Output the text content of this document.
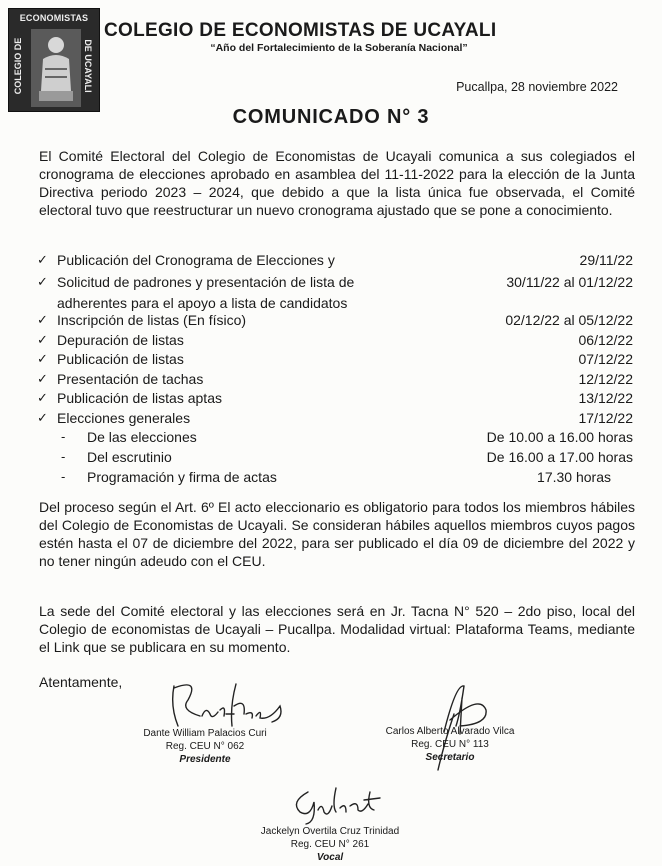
ECONOMISTAS
COLEGIO DE	DE UCAYALI
COLEGIO DE ECONOMISTAS DE UCAYALI
“Año del Fortalecimiento de la Soberanía Nacional”
Pucallpa, 28 noviembre 2022
COMUNICADO N° 3

El Comité Electoral del Colegio de Economistas de Ucayali comunica a sus colegiados el cronograma de elecciones aprobado en asamblea del 11-11-2022 para la elección de la Junta Directiva periodo 2023 – 2024, que debido a que la lista única fue observada, el Comité electoral tuvo que reestructurar un nuevo cronograma ajustado que se pone a conocimiento.

✓ Publicación del Cronograma de Elecciones y	29/11/22
✓ Solicitud de padrones y presentación de lista de	30/11/22 al 01/12/22
adherentes para el apoyo a lista de candidatos
✓ Inscripción de listas (En físico)	02/12/22 al 05/12/22
✓ Depuración de listas	06/12/22
✓ Publicación de listas	07/12/22
✓ Presentación de tachas	12/12/22
✓ Publicación de listas aptas	13/12/22
✓ Elecciones generales	17/12/22
- De las elecciones	De 10.00 a 16.00 horas
- Del escrutinio	De 16.00 a 17.00 horas
- Programación y firma de actas	17.30 horas

Del proceso según el Art. 6º El acto eleccionario es obligatorio para todos los miembros hábiles del Colegio de Economistas de Ucayali. Se consideran hábiles aquellos miembros cuyos pagos estén hasta el 07 de diciembre del 2022, para ser publicado el día 09 de diciembre del 2022 y no tener ningún adeudo con el CEU.

La sede del Comité electoral y las elecciones será en Jr. Tacna N° 520 – 2do piso, local del Colegio de economistas de Ucayali – Pucallpa. Modalidad virtual: Plataforma Teams, mediante el Link que se publicara en su momento.

Atentamente,
Dante William Palacios Curi
Reg. CEU N° 062
Presidente
Carlos Alberto Alvarado Vilca
Reg. CEU N° 113
Secretario
Jackelyn Overtila Cruz Trinidad
Reg. CEU N° 261
Vocal
